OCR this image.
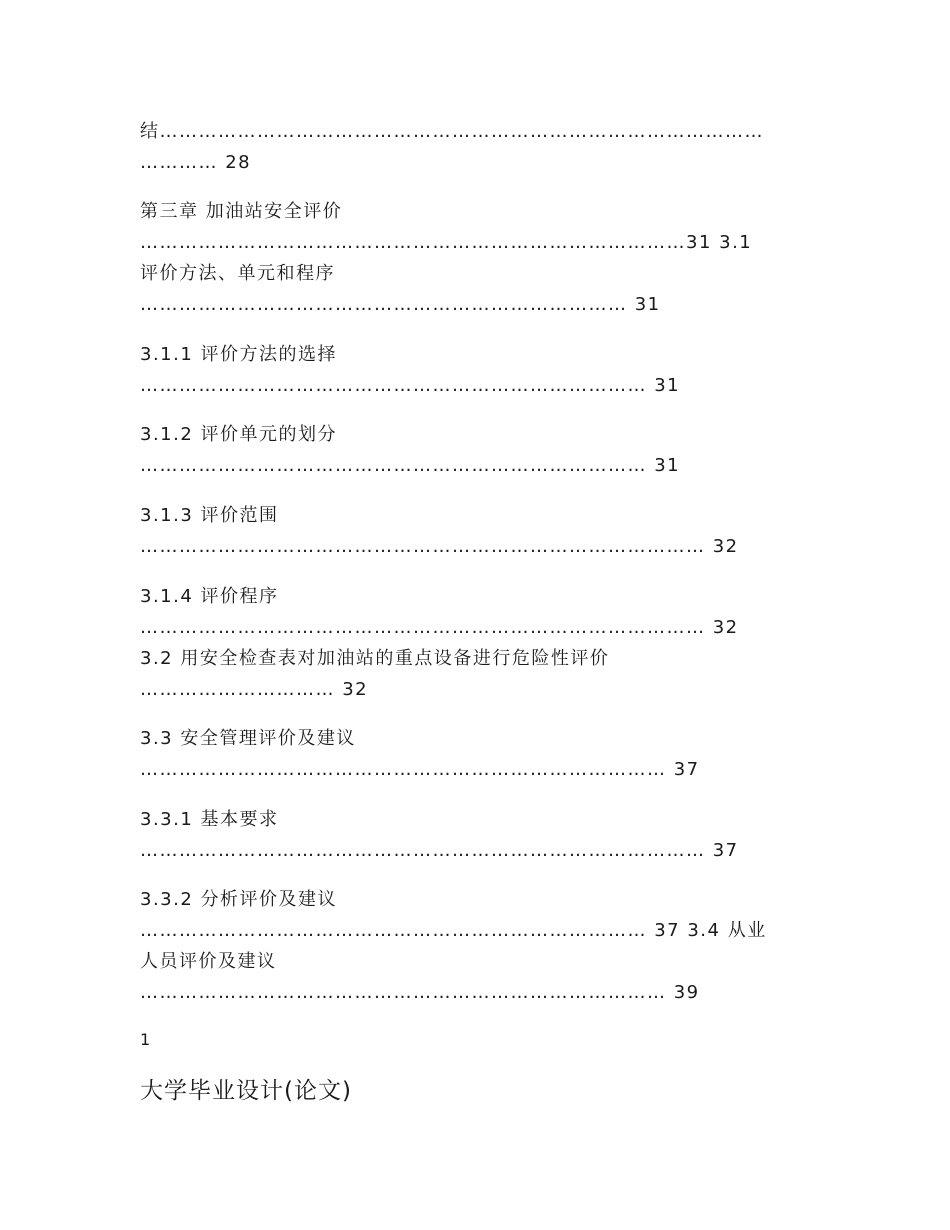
结…………………………………………………………………………………
………… 28
第三章 加油站安全评价
…………………………………………………………………………31 3.1
评价方法、单元和程序
………………………………………………………………… 31
3.1.1 评价方法的选择
…………………………………………………………………… 31
3.1.2 评价单元的划分
…………………………………………………………………… 31
3.1.3 评价范围
…………………………………………………………………………… 32
3.1.4 评价程序
…………………………………………………………………………… 32
3.2 用安全检查表对加油站的重点设备进行危险性评价
………………………… 32
3.3 安全管理评价及建议
……………………………………………………………………… 37
3.3.1 基本要求
…………………………………………………………………………… 37
3.3.2 分析评价及建议
…………………………………………………………………… 37 3.4 从业
人员评价及建议
……………………………………………………………………… 39
1
大学毕业设计(论文)
